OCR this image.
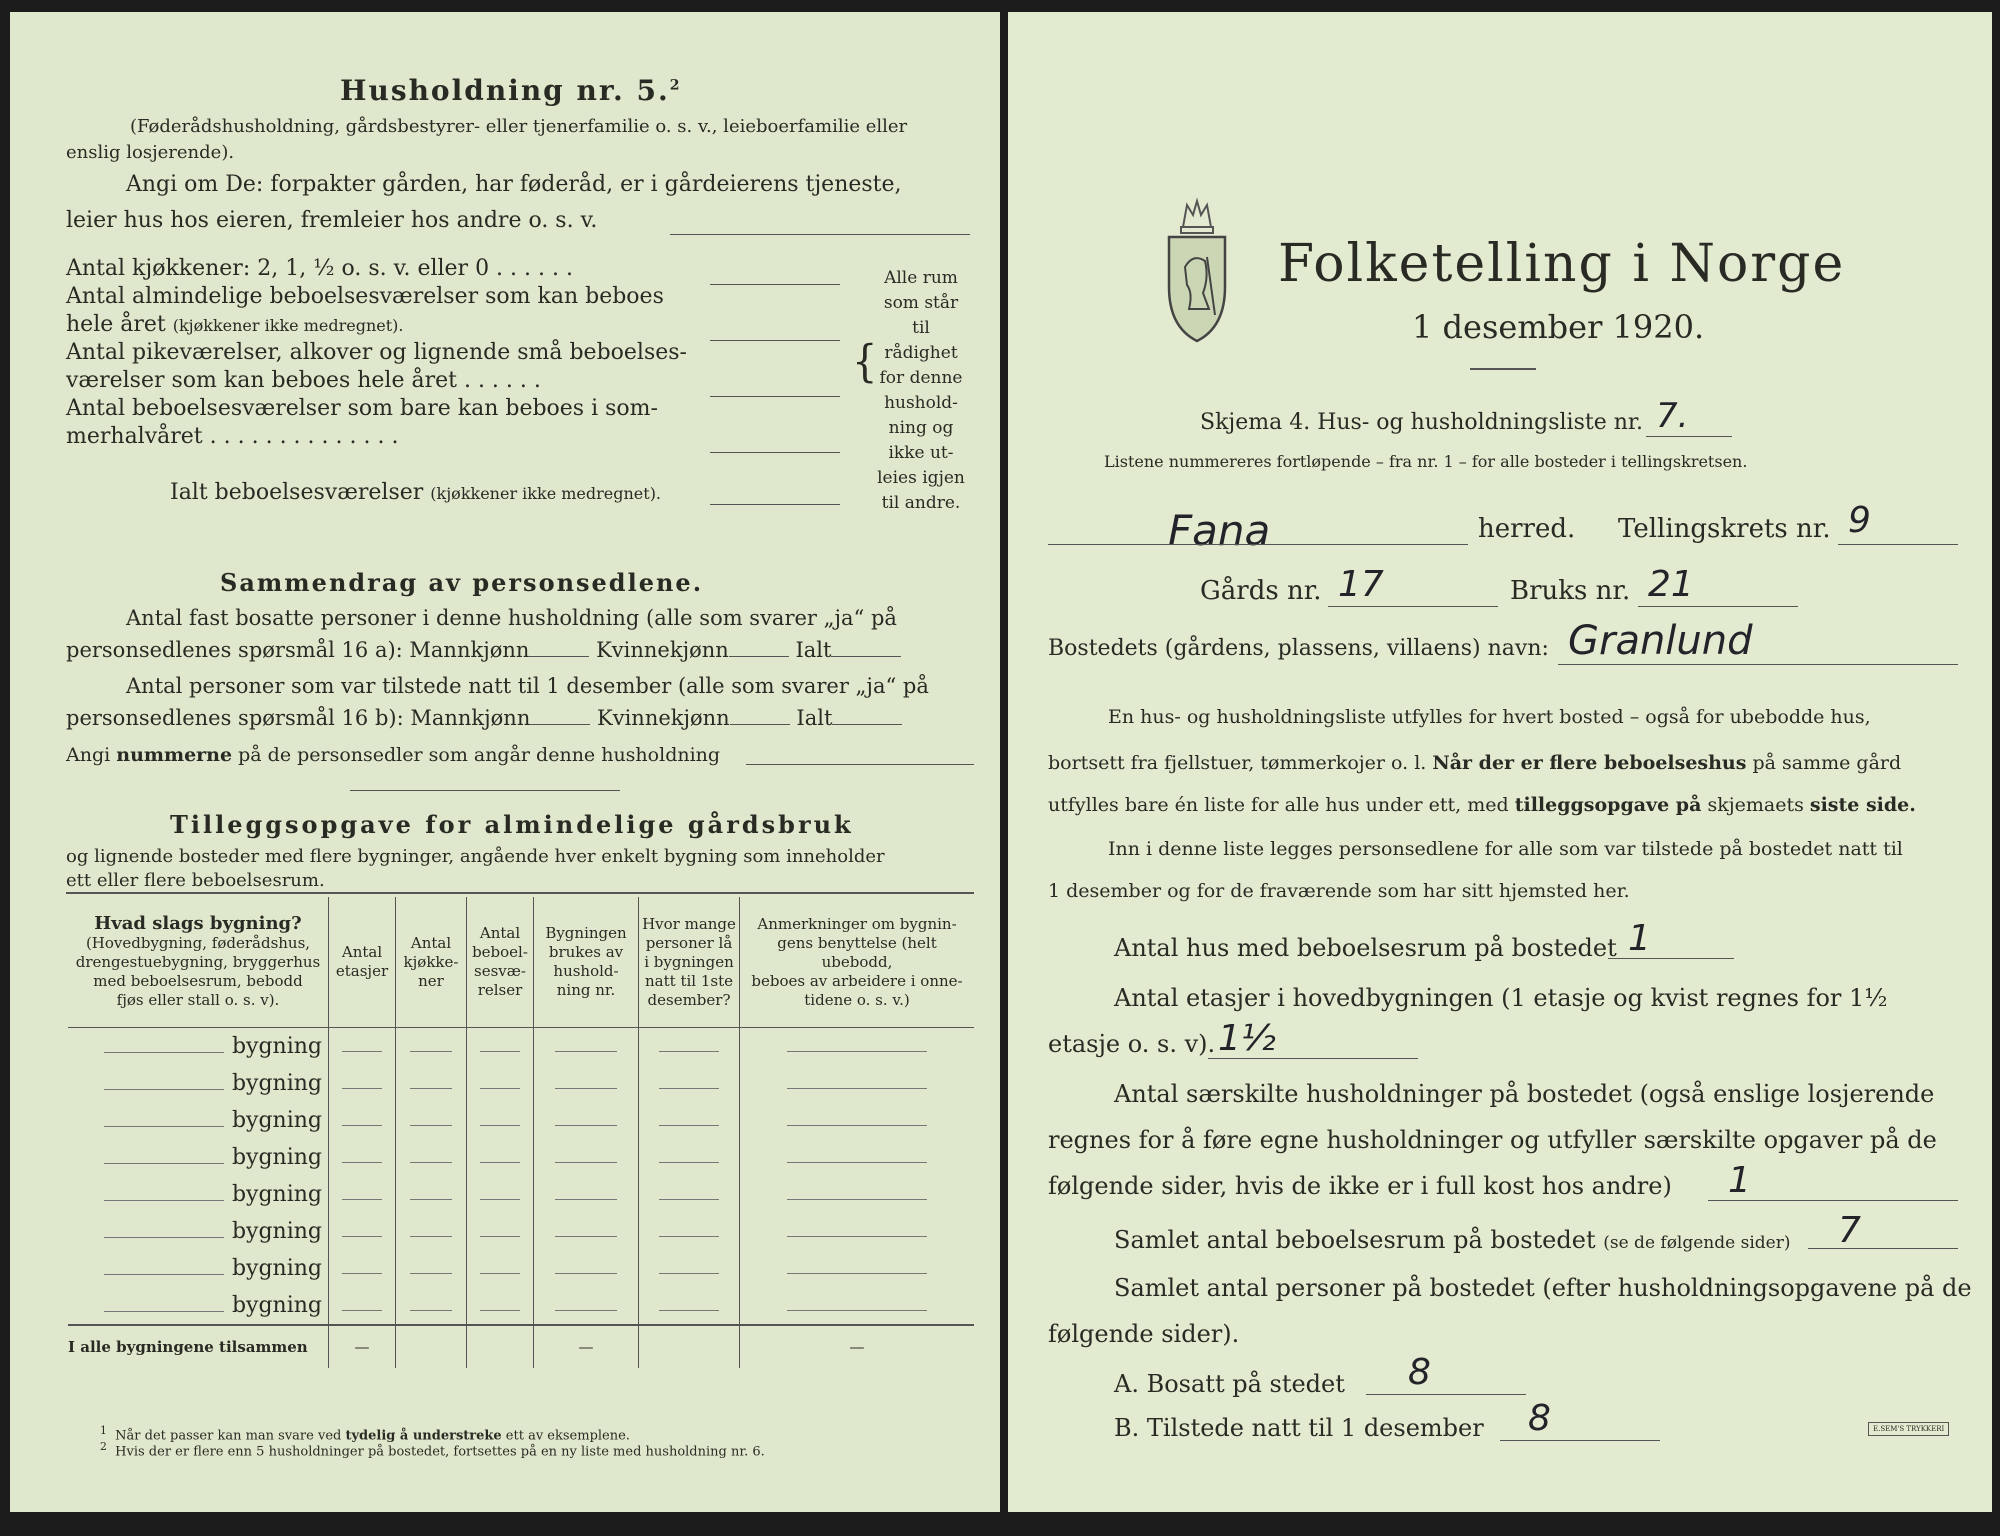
Husholdning nr. 5.$^2$
(Føderådshusholdning, gårdsbestyrer- eller tjenerfamilie o. s. v., leieboerfamilie eller
enslig losjerende).
Angi om De: forpakter gården, har føderåd, er i gårdeierens tjeneste,
leier hus hos eieren, fremleier hos andre o. s. v.
Antal kjøkkener: 2, 1, ½ o. s. v. eller 0 . . . . . .
Antal almindelige beboelsesværelser som kan beboes
hele året (kjøkkener ikke medregnet).
Antal pikeværelser, alkover og lignende små beboelses-
værelser som kan beboes hele året . . . . . .
Antal beboelsesværelser som bare kan beboes i som-
merhalvåret . . . . . . . . . . . . . .
Ialt beboelsesværelser (kjøkkener ikke medregnet).
{
Alle rum
som står til
rådighet
for denne
hushold-
ning og
ikke ut-
leies igjen
til andre.
Sammendrag av personsedlene.
Antal fast bosatte personer i denne husholdning (alle som svarer „ja“ på
personsedlenes spørsmål 16 a): Mannkjønn	Kvinnekjønn	Ialt
Antal personer som var tilstede natt til 1 desember (alle som svarer „ja“ på
personsedlenes spørsmål 16 b): Mannkjønn	Kvinnekjønn	Ialt
Angi nummerne på de personsedler som angår denne husholdning
Tilleggsopgave for almindelige gårdsbruk
og lignende bosteder med flere bygninger, angående hver enkelt bygning som inneholder
ett eller flere beboelsesrum.
Hvad slags bygning?
(Hovedbygning, føderådshus,
drengestuebygning, bryggerhus
med beboelsesrum, bebodd
fjøs eller stall o. s. v).	Antal
etasjer	Antal
kjøkke-
ner	Antal
beboel-
sesvæ-
relser	Bygningen
brukes av
hushold-
ning nr.	Hvor mange
personer lå
i bygningen
natt til 1ste
desember?	Anmerkninger om bygnin-
gens benyttelse (helt ubebodd,
beboes av arbeidere i onne-
tidene o. s. v.)
bygning						
bygning						
bygning						
bygning						
bygning						
bygning						
bygning						
bygning						
I alle bygningene tilsammen	—			—		—
$^1$ Når det passer kan man svare ved tydelig å understreke ett av eksemplene.
$^2$ Hvis der er flere enn 5 husholdninger på bostedet, fortsettes på en ny liste med husholdning nr. 6.
Folketelling i Norge
1 desember 1920.
Skjema 4. Hus- og husholdningsliste nr. 7.
Listene nummereres fortløpende – fra nr. 1 – for alle bosteder i tellingskretsen.
Fana	herred. Tellingskrets nr. 9
Gårds nr. 17	Bruks nr. 21
Bostedets (gårdens, plassens, villaens) navn: Granlund
En hus- og husholdningsliste utfylles for hvert bosted – også for ubebodde hus,
bortsett fra fjellstuer, tømmerkojer o. l. Når der er flere beboelseshus på samme gård
utfylles bare én liste for alle hus under ett, med tilleggsopgave på skjemaets siste side.
Inn i denne liste legges personsedlene for alle som var tilstede på bostedet natt til
1 desember og for de fraværende som har sitt hjemsted her.
Antal hus med beboelsesrum på bostedet 1
Antal etasjer i hovedbygningen (1 etasje og kvist regnes for 1½
etasje o. s. v). 1½
Antal særskilte husholdninger på bostedet (også enslige losjerende
regnes for å føre egne husholdninger og utfyller særskilte opgaver på de
følgende sider, hvis de ikke er i full kost hos andre) 1
Samlet antal beboelsesrum på bostedet (se de følgende sider) 7
Samlet antal personer på bostedet (efter husholdningsopgavene på de
følgende sider).
A. Bosatt på stedet 8
B. Tilstede natt til 1 desember 8	E.SEM'S TRYKKERI
